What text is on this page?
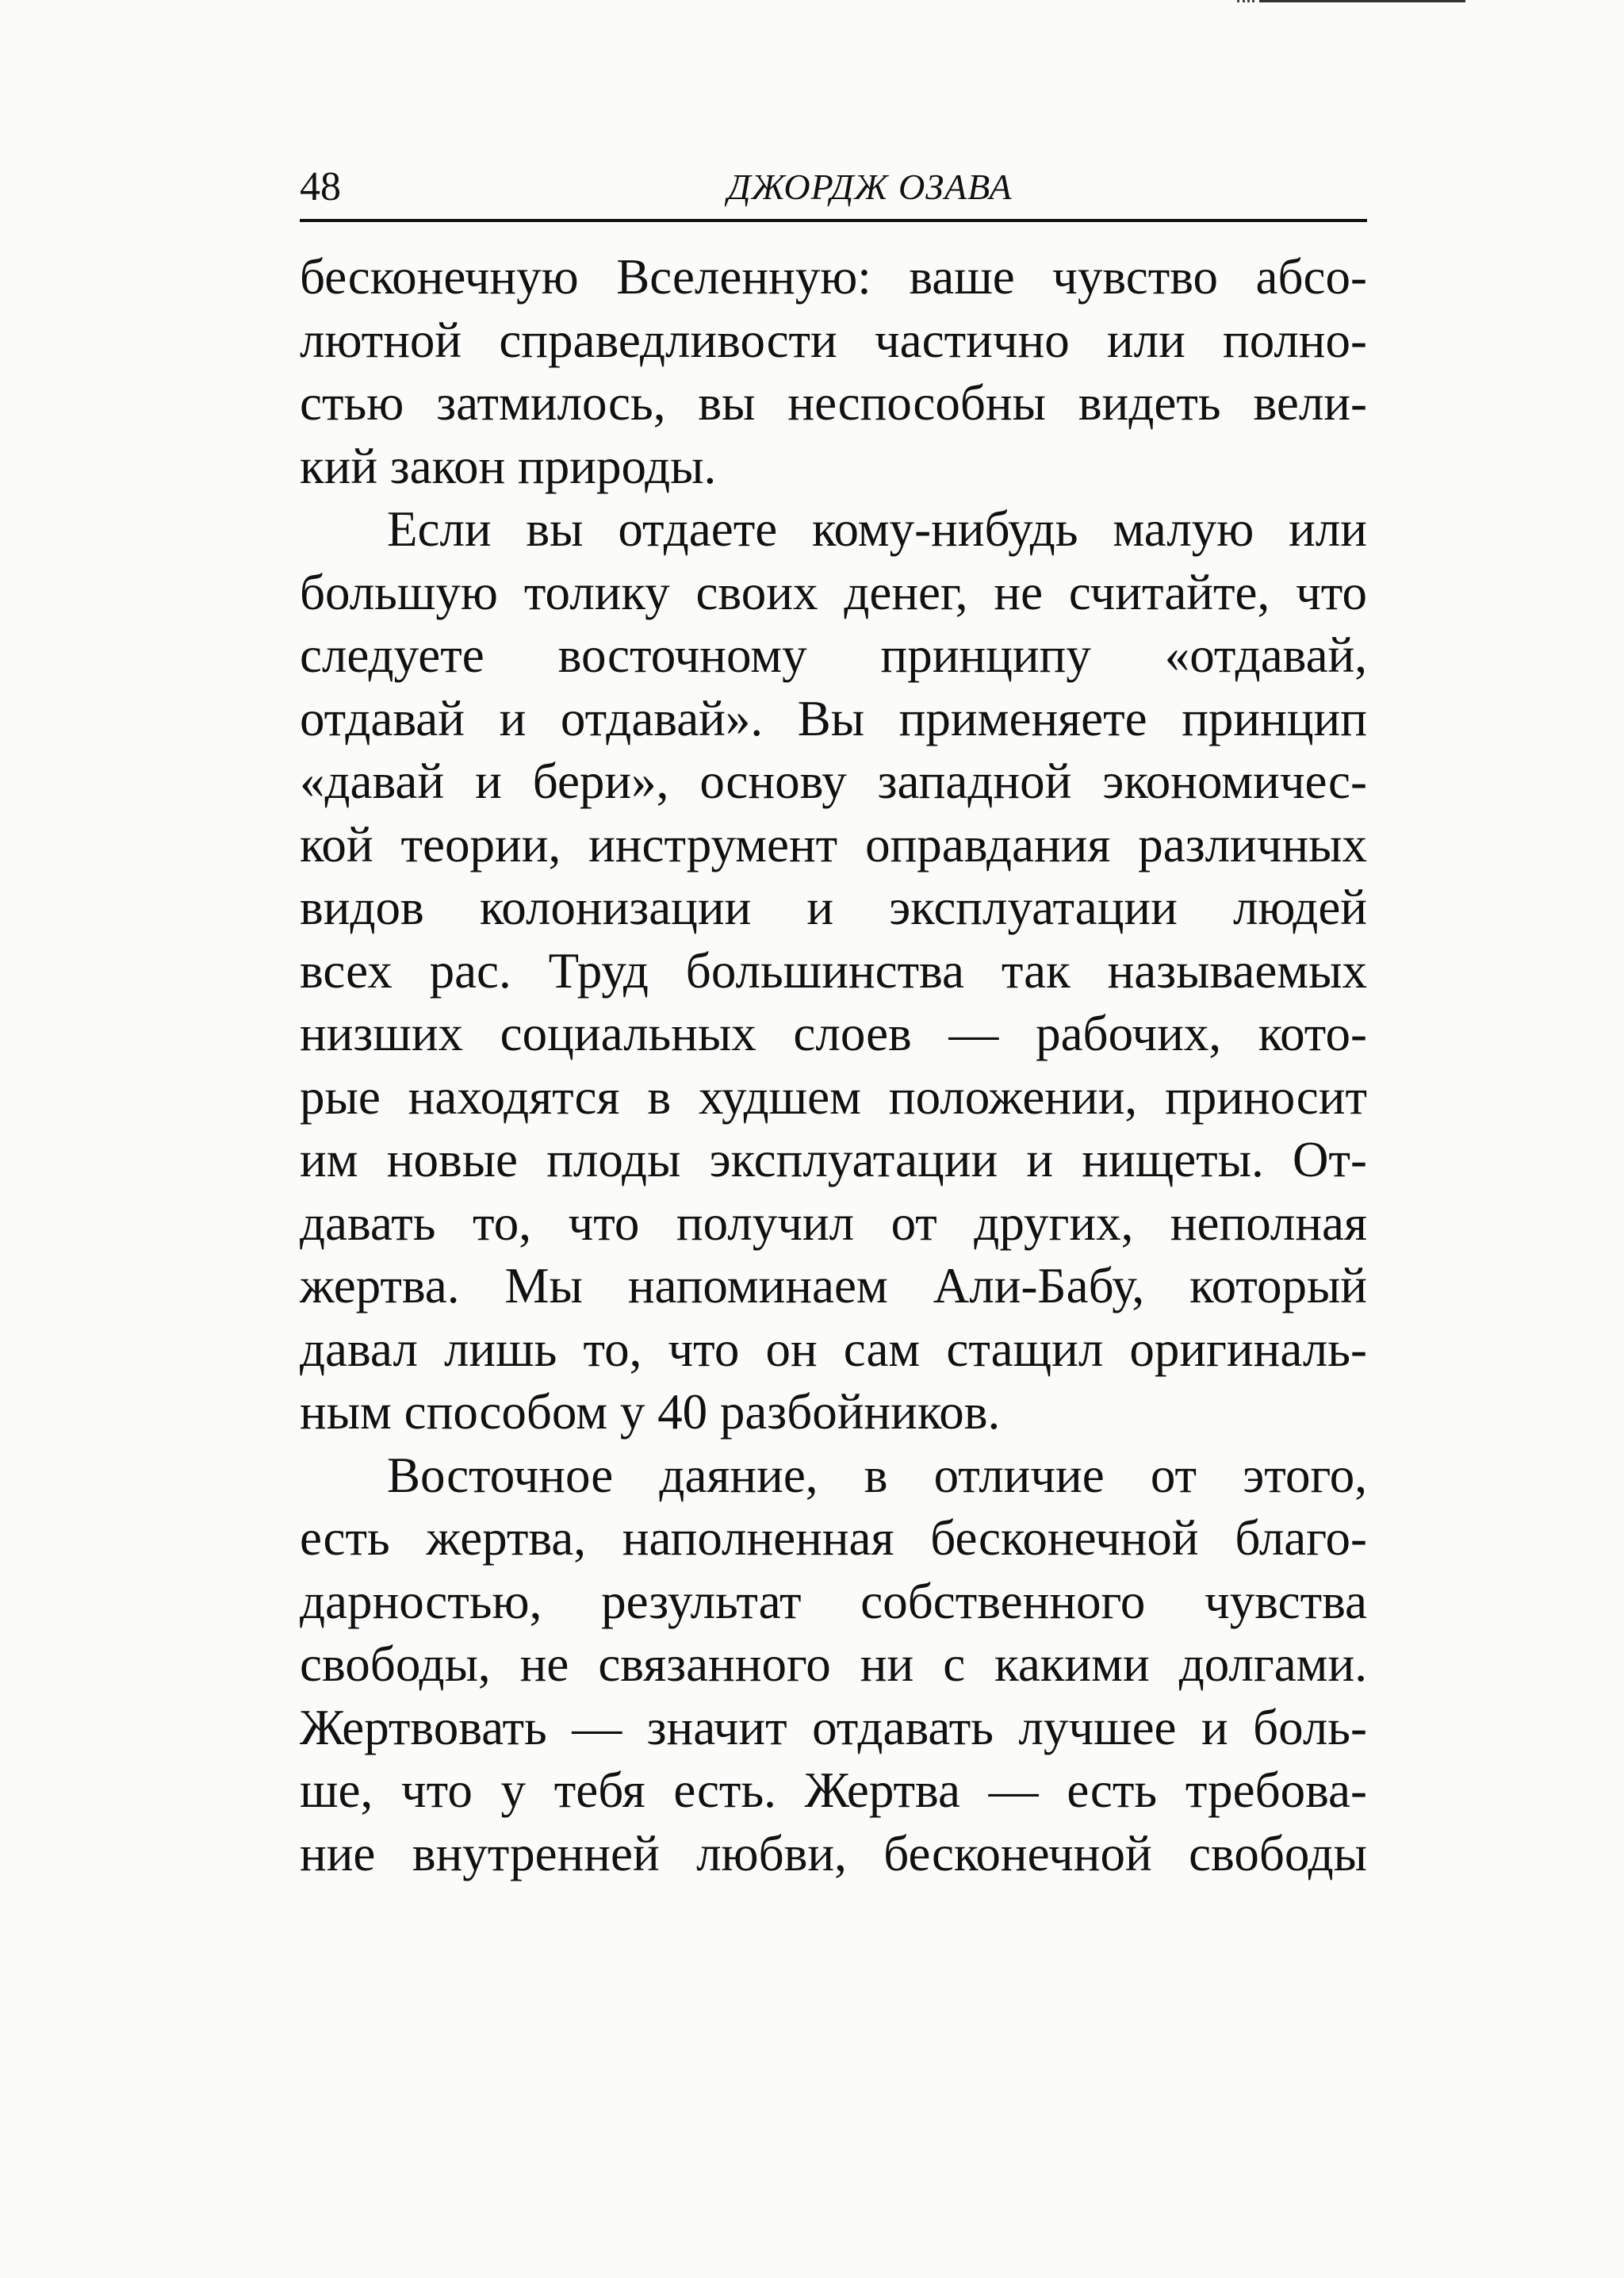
48	ДЖОРДЖ ОЗАВА
бесконечную Вселенную: ваше чувство абсо-
лютной справедливости частично или полно-
стью затмилось, вы неспособны видеть вели-
кий закон природы.
Если вы отдаете кому-нибудь малую или
большую толику своих денег, не считайте, что
следуете восточному принципу «отдавай,
отдавай и отдавай». Вы применяете принцип
«давай и бери», основу западной экономичес-
кой теории, инструмент оправдания различных
видов колонизации и эксплуатации людей
всех рас. Труд большинства так называемых
низших социальных слоев — рабочих, кото-
рые находятся в худшем положении, приносит
им новые плоды эксплуатации и нищеты. От-
давать то, что получил от других, неполная
жертва. Мы напоминаем Али-Бабу, который
давал лишь то, что он сам стащил оригиналь-
ным способом у 40 разбойников.
Восточное даяние, в отличие от этого,
есть жертва, наполненная бесконечной благо-
дарностью, результат собственного чувства
свободы, не связанного ни с какими долгами.
Жертвовать — значит отдавать лучшее и боль-
ше, что у тебя есть. Жертва — есть требова-
ние внутренней любви, бесконечной свободы
